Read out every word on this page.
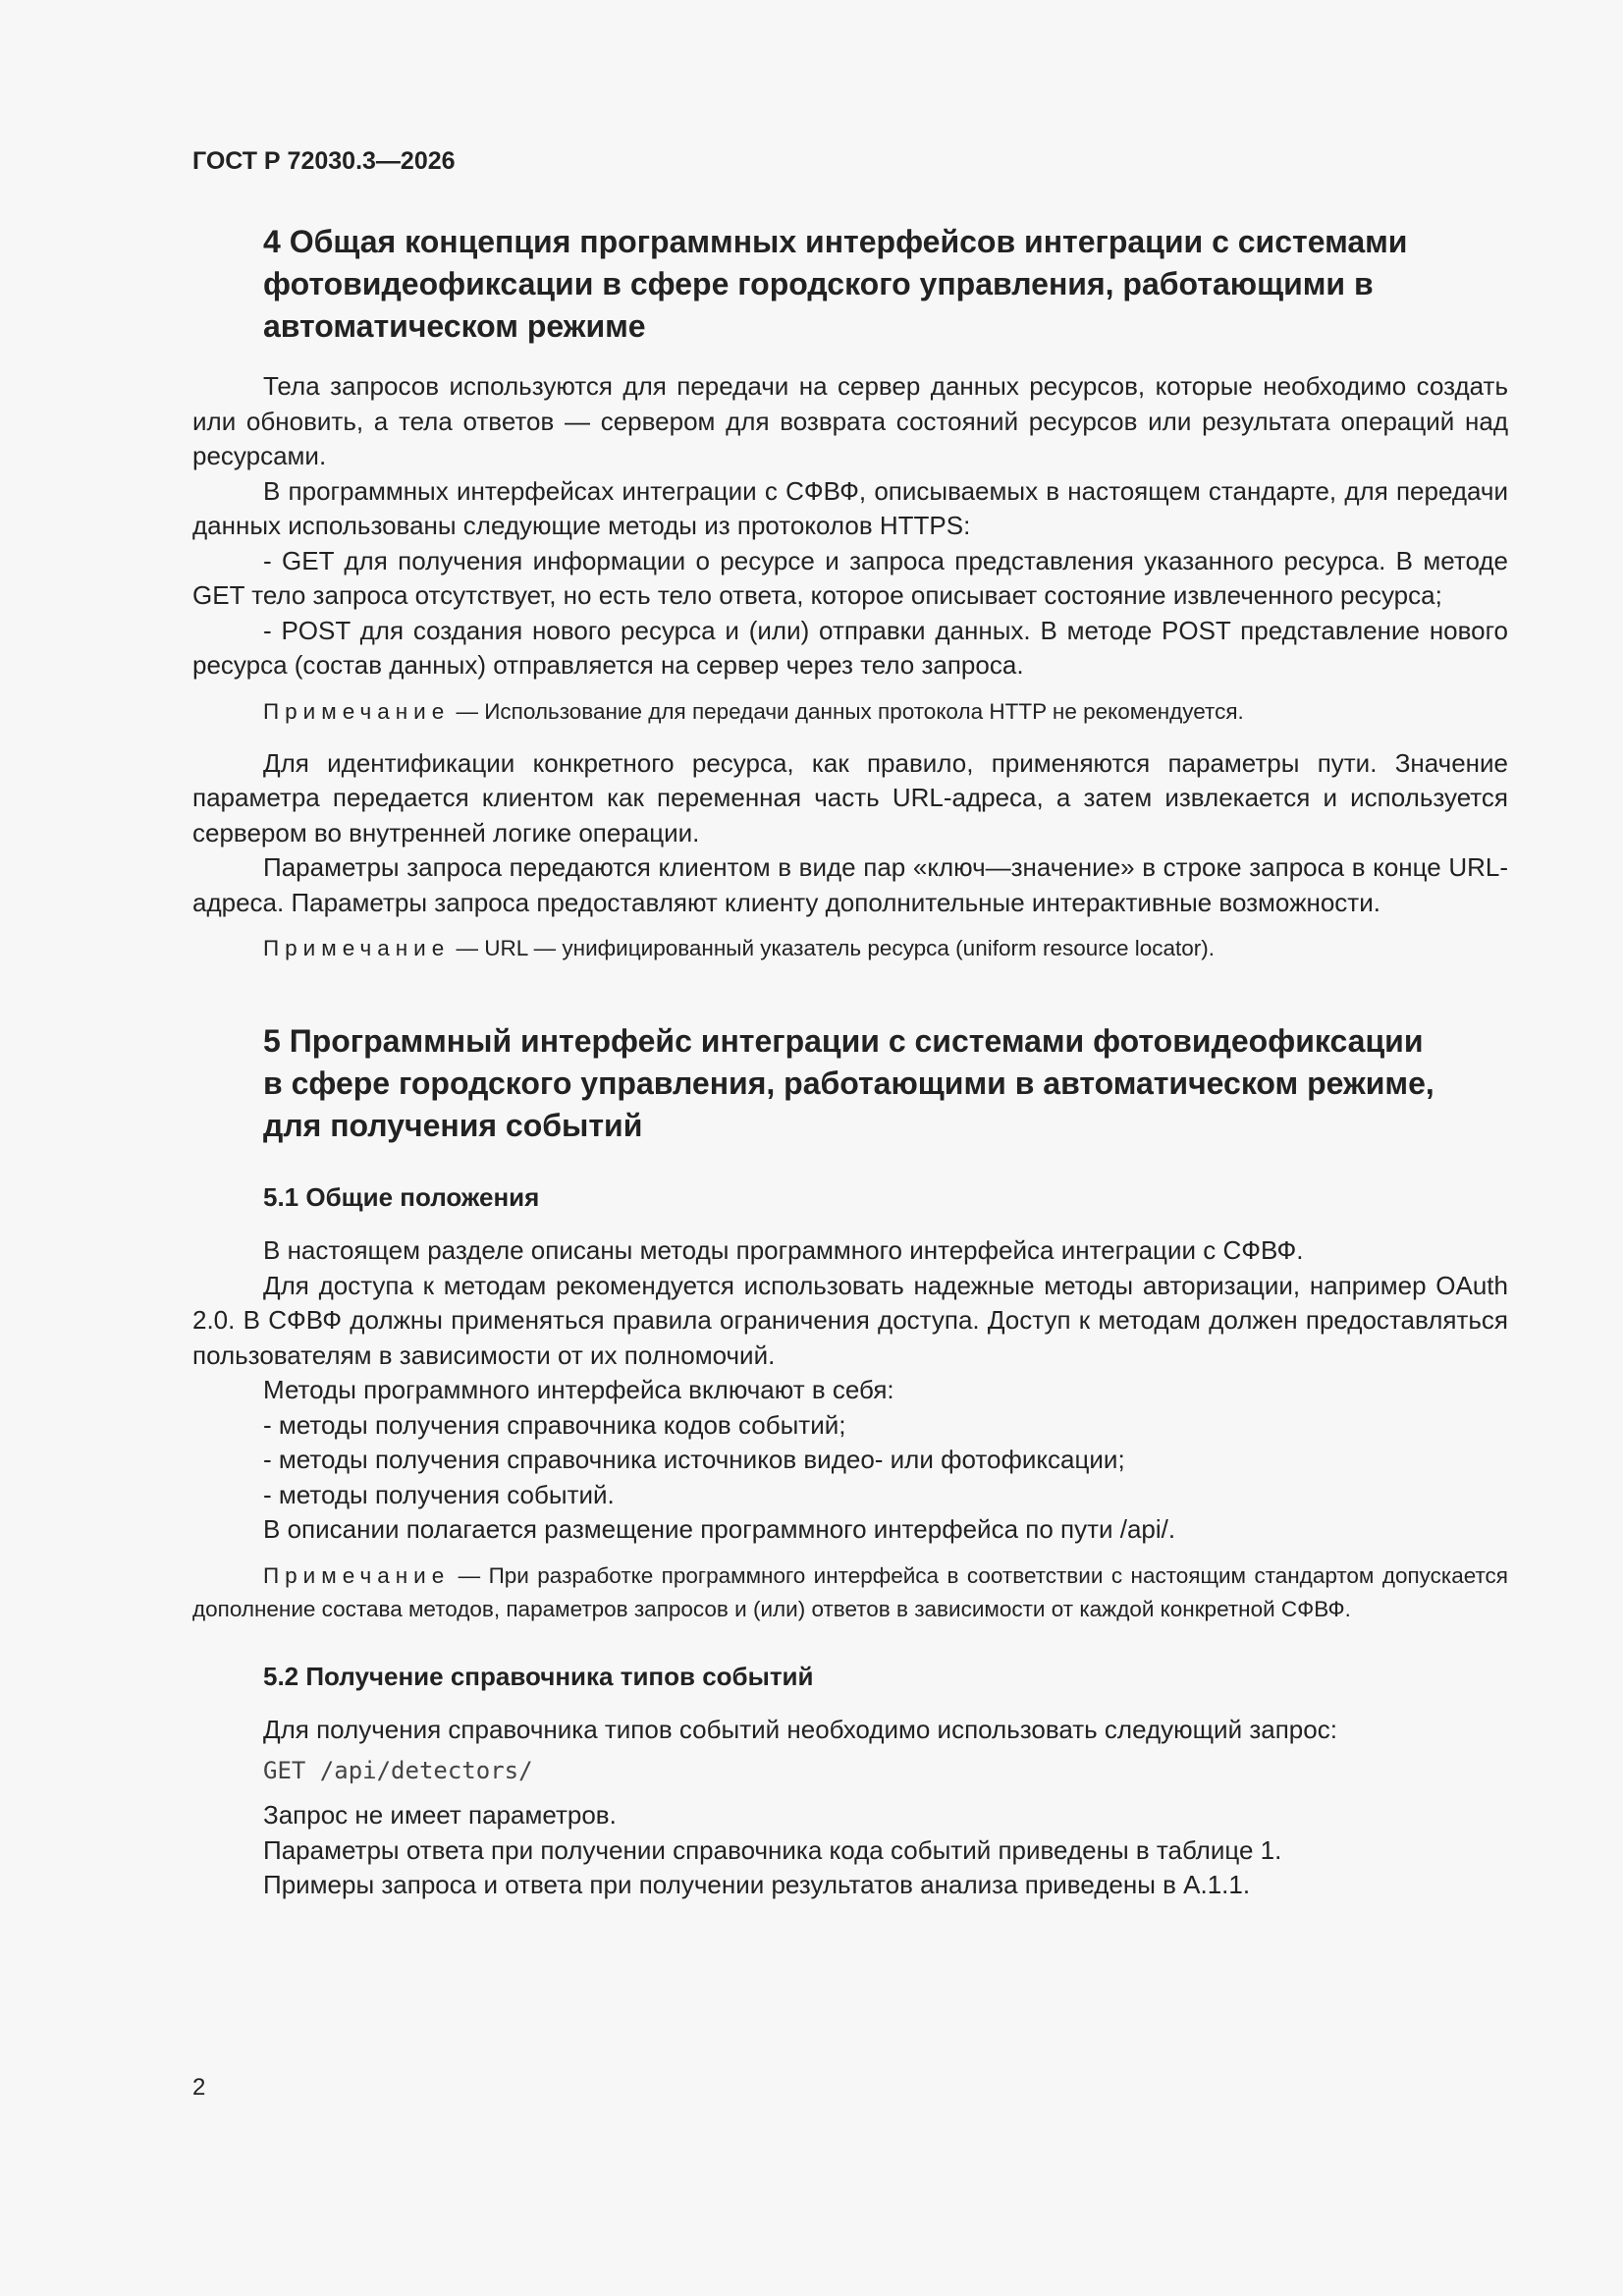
ГОСТ Р 72030.3—2026
4 Общая концепция программных интерфейсов интеграции с системами фотовидеофиксации в сфере городского управления, работающими в автоматическом режиме

Тела запросов используются для передачи на сервер данных ресурсов, которые необходимо создать или обновить, а тела ответов — сервером для возврата состояний ресурсов или результата операций над ресурсами.

В программных интерфейсах интеграции с СФВФ, описываемых в настоящем стандарте, для передачи данных использованы следующие методы из протоколов HTTPS:

- GET для получения информации о ресурсе и запроса представления указанного ресурса. В методе GET тело запроса отсутствует, но есть тело ответа, которое описывает состояние извлеченного ресурса;

- POST для создания нового ресурса и (или) отправки данных. В методе POST представление нового ресурса (состав данных) отправляется на сервер через тело запроса.

Примечание — Использование для передачи данных протокола HTTP не рекомендуется.

Для идентификации конкретного ресурса, как правило, применяются параметры пути. Значение параметра передается клиентом как переменная часть URL-адреса, а затем извлекается и используется сервером во внутренней логике операции.

Параметры запроса передаются клиентом в виде пар «ключ—значение» в строке запроса в конце URL-адреса. Параметры запроса предоставляют клиенту дополнительные интерактивные возможности.

Примечание — URL — унифицированный указатель ресурса (uniform resource locator).

5 Программный интерфейс интеграции с системами фотовидеофиксации в сфере городского управления, работающими в автоматическом режиме, для получения событий
5.1 Общие положения

В настоящем разделе описаны методы программного интерфейса интеграции с СФВФ.

Для доступа к методам рекомендуется использовать надежные методы авторизации, например OAuth 2.0. В СФВФ должны применяться правила ограничения доступа. Доступ к методам должен предоставляться пользователям в зависимости от их полномочий.

Методы программного интерфейса включают в себя:

- методы получения справочника кодов событий;

- методы получения справочника источников видео- или фотофиксации;

- методы получения событий.

В описании полагается размещение программного интерфейса по пути /api/.

Примечание — При разработке программного интерфейса в соответствии с настоящим стандартом допускается дополнение состава методов, параметров запросов и (или) ответов в зависимости от каждой конкретной СФВФ.

5.2 Получение справочника типов событий

Для получения справочника типов событий необходимо использовать следующий запрос:

GET /api/detectors/

Запрос не имеет параметров.

Параметры ответа при получении справочника кода событий приведены в таблице 1.

Примеры запроса и ответа при получении результатов анализа приведены в А.1.1.

2
